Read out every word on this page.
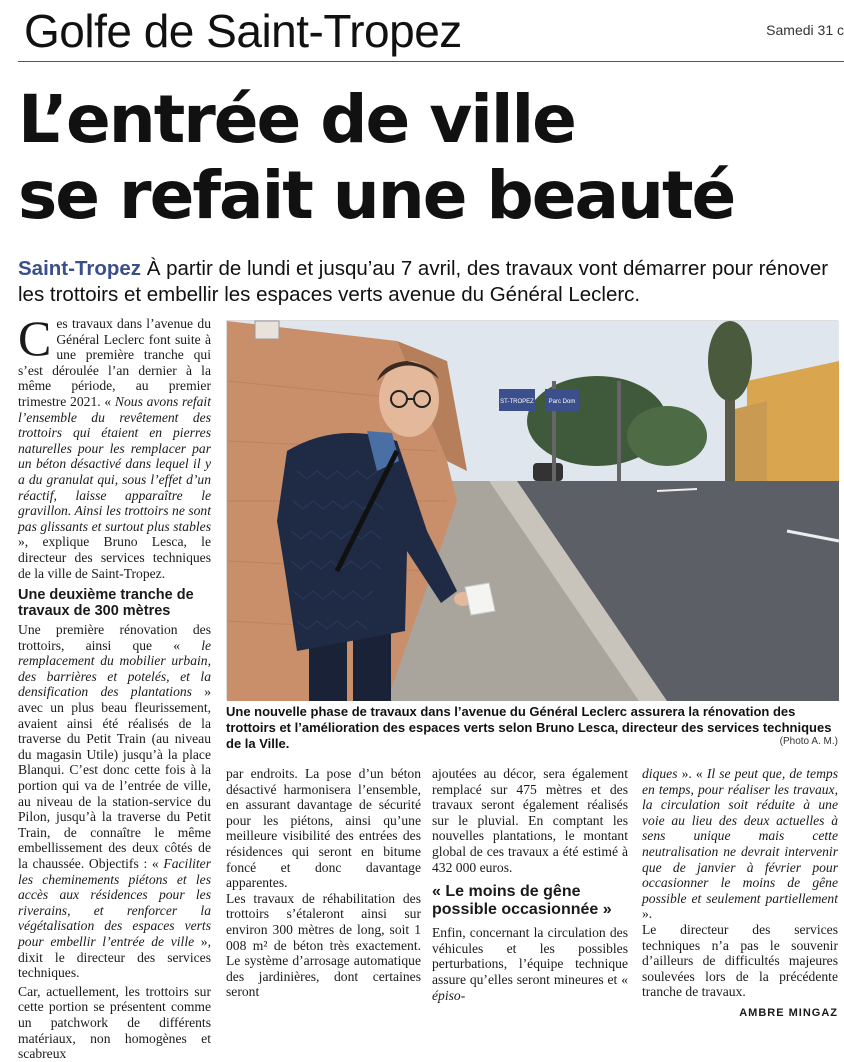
Golfe de Saint-Tropez	Samedi 31 c
L’entrée de ville
se refait une beauté

Saint-Tropez À partir de lundi et jusqu’au 7 avril, des travaux vont démarrer pour rénover les trottoirs et embellir les espaces verts avenue du Général Leclerc.

Ces travaux dans l’avenue du Général Leclerc font suite à une première tranche qui s’est déroulée l’an dernier à la même période, au premier trimestre 2021. « Nous avons refait l’ensemble du revêtement des trottoirs qui étaient en pierres naturelles pour les remplacer par un béton désactivé dans lequel il y a du granulat qui, sous l’effet d’un réactif, laisse apparaître le gravillon. Ainsi les trottoirs ne sont pas glissants et surtout plus stables », explique Bruno Lesca, le directeur des services techniques de la ville de Saint-Tropez.

Une deuxième tranche de travaux de 300 mètres

Une première rénovation des trottoirs, ainsi que « le remplacement du mobilier urbain, des barrières et potelés, et la densification des plantations » avec un plus beau fleurissement, avaient ainsi été réalisés de la traverse du Petit Train (au niveau du magasin Utile) jusqu’à la place Blanqui. C’est donc cette fois à la portion qui va de l’entrée de ville, au niveau de la station-service du Pilon, jusqu’à la traverse du Petit Train, de connaître le même embellissement des deux côtés de la chaussée. Objectifs : « Faciliter les cheminements piétons et les accès aux résidences pour les riverains, et renforcer la végétalisation des espaces verts pour embellir l’entrée de ville », dixit le directeur des services techniques.

Car, actuellement, les trottoirs sur cette portion se présentent comme un patchwork de différents matériaux, non homogènes et scabreux

par endroits. La pose d’un béton désactivé harmonisera l’ensemble, en assurant davantage de sécurité pour les piétons, ainsi qu’une meilleure visibilité des entrées des résidences qui seront en bitume foncé et donc davantage apparentes.

Les travaux de réhabilitation des trottoirs s’étaleront ainsi sur environ 300 mètres de long, soit 1 008 m² de béton très exactement. Le système d’arrosage automatique des jardinières, dont certaines seront

ajoutées au décor, sera également remplacé sur 475 mètres et des travaux seront également réalisés sur le pluvial. En comptant les nouvelles plantations, le montant global de ces travaux a été estimé à 432 000 euros.

« Le moins de gêne possible occasionnée »

Enfin, concernant la circulation des véhicules et les possibles perturbations, l’équipe technique assure qu’elles seront mineures et « épiso-

diques ». « Il se peut que, de temps en temps, pour réaliser les travaux, la circulation soit réduite à une voie au lieu des deux actuelles à sens unique mais cette neutralisation ne devrait intervenir que de janvier à février pour occasionner le moins de gêne possible et seulement partiellement ».

Le directeur des services techniques n’a pas le souvenir d’ailleurs de difficultés majeures soulevées lors de la précédente tranche de travaux.

AMBRE MINGAZ

ST-TROPEZ Parc Dom

Une nouvelle phase de travaux dans l’avenue du Général Leclerc assurera la rénovation des trottoirs et l’amélioration des espaces verts selon Bruno Lesca, directeur des services techniques de la Ville.	(Photo A. M.)
